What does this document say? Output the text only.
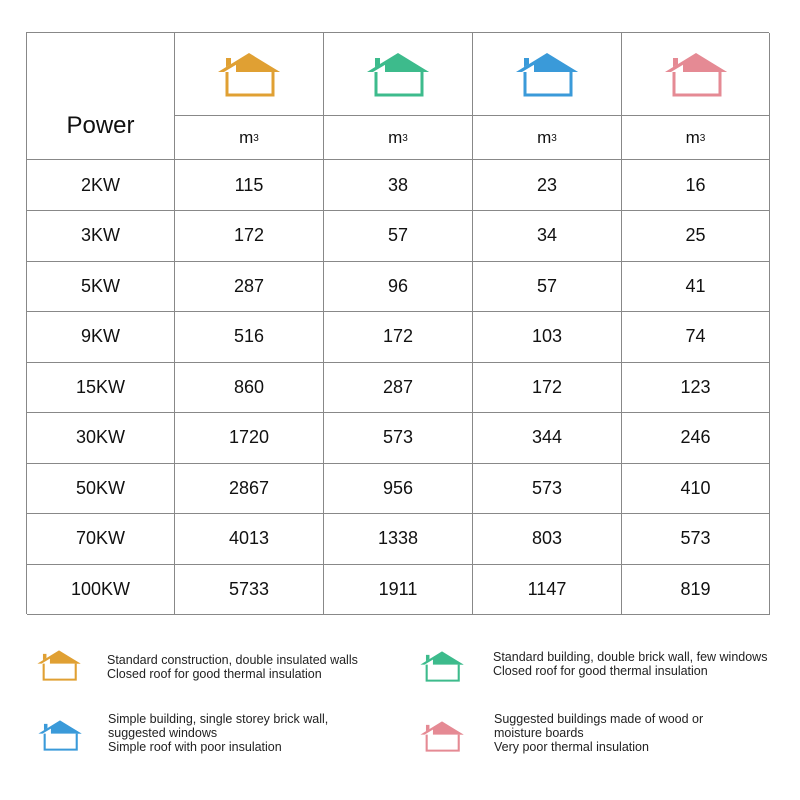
Power	m 3	m 3	m 3	m 3
2KW	115	38	23	16
3KW	172	57	34	25
5KW	287	96	57	41
9KW	516	172	103	74
15KW	860	287	172	123
30KW	1720	573	344	246
50KW	2867	956	573	410
70KW	4013	1338	803	573
100KW	5733	1911	1147	819
Standard construction, double insulated walls
Closed roof for good thermal insulation
Standard building, double brick wall, few windows
Closed roof for good thermal insulation
Simple building, single storey brick wall,
suggested windows
Simple roof with poor insulation
Suggested buildings made of wood or
moisture boards
Very poor thermal insulation
